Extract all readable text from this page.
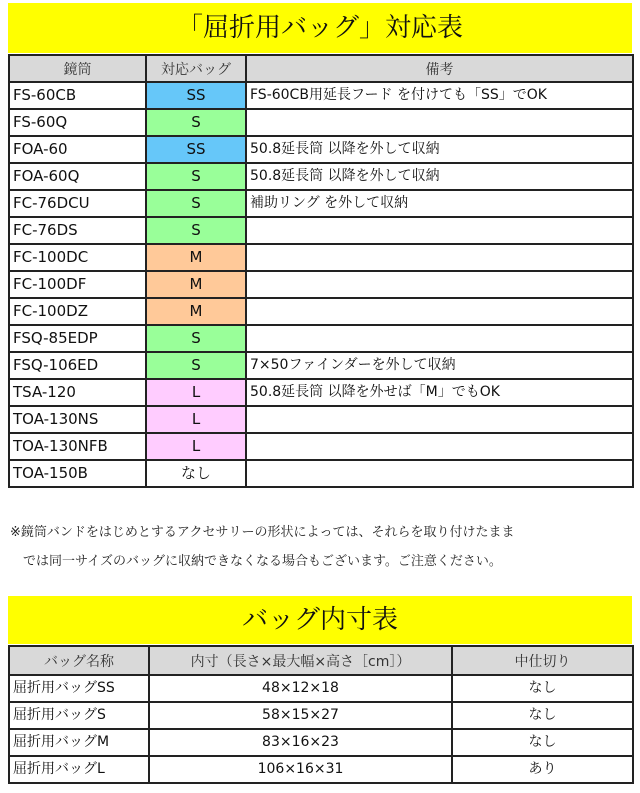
「屈折用バッグ」対応表
鏡筒	対応バッグ	備考
FS-60CB	SS	FS-60CB用延長フード を付けても「SS」でOK
FS-60Q	S	
FOA-60	SS	50.8延長筒 以降を外して収納
FOA-60Q	S	50.8延長筒 以降を外して収納
FC-76DCU	S	補助リング を外して収納
FC-76DS	S	
FC-100DC	M	
FC-100DF	M	
FC-100DZ	M	
FSQ-85EDP	S	
FSQ-106ED	S	7×50ファインダーを外して収納
TSA-120	L	50.8延長筒 以降を外せば「M」でもOK
TOA-130NS	L	
TOA-130NFB	L	
TOA-150B	なし	
※鏡筒バンドをはじめとするアクセサリーの形状によっては、それらを取り付けたまま
　では同一サイズのバッグに収納できなくなる場合もございます。ご注意ください。
バッグ内寸表
バッグ名称	内寸（長さ×最大幅×高さ［cm］）	中仕切り
屈折用バッグSS	48×12×18	なし
屈折用バッグS	58×15×27	なし
屈折用バッグM	83×16×23	なし
屈折用バッグL	106×16×31	あり
